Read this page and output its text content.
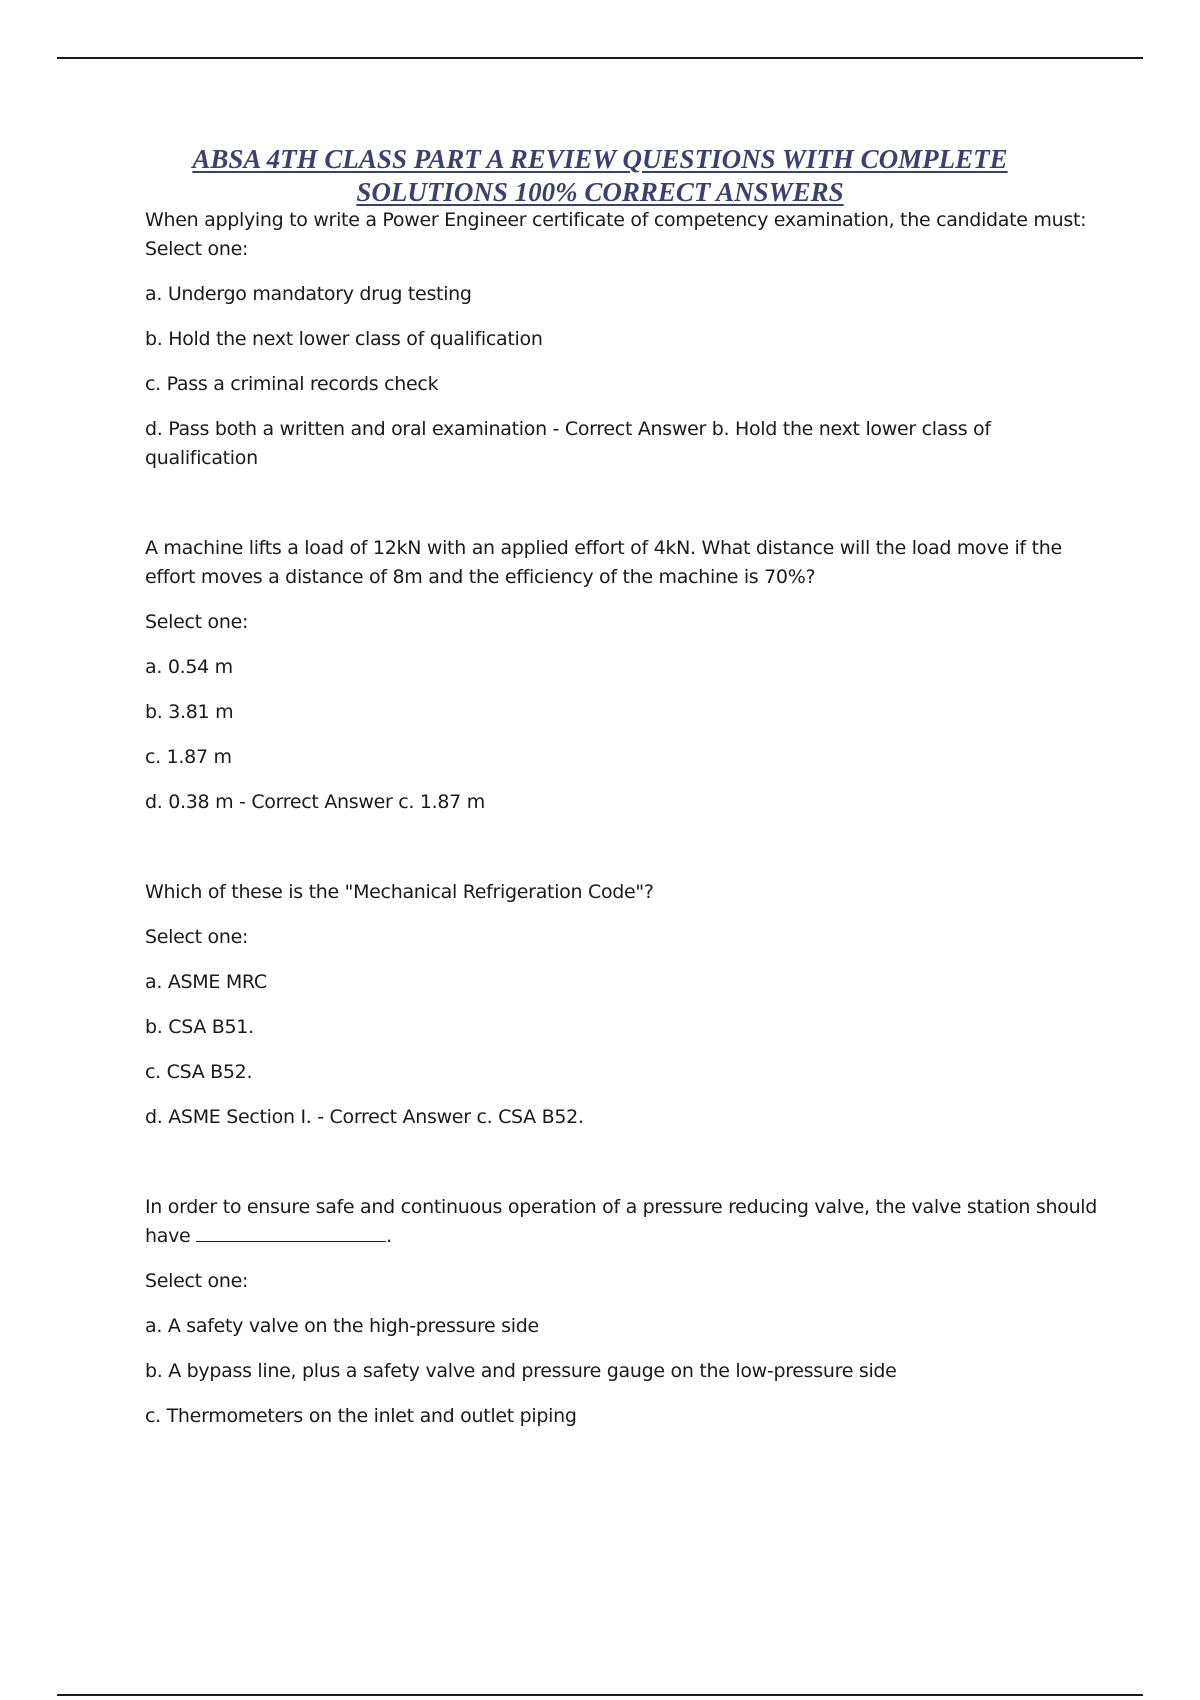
ABSA 4TH CLASS PART A REVIEW QUESTIONS WITH COMPLETE
SOLUTIONS 100% CORRECT ANSWERS

When applying to write a Power Engineer certificate of competency examination, the candidate must:

Select one:

a. Undergo mandatory drug testing

b. Hold the next lower class of qualification

c. Pass a criminal records check

d. Pass both a written and oral examination - Correct Answer b. Hold the next lower class of qualification

A machine lifts a load of 12kN with an applied effort of 4kN. What distance will the load move if the effort moves a distance of 8m and the efficiency of the machine is 70%?

Select one:

a. 0.54 m

b. 3.81 m

c. 1.87 m

d. 0.38 m - Correct Answer c. 1.87 m

Which of these is the "Mechanical Refrigeration Code"?

Select one:

a. ASME MRC

b. CSA B51.

c. CSA B52.

d. ASME Section I. - Correct Answer c. CSA B52.

In order to ensure safe and continuous operation of a pressure reducing valve, the valve station should have	.

Select one:

a. A safety valve on the high-pressure side

b. A bypass line, plus a safety valve and pressure gauge on the low-pressure side

c. Thermometers on the inlet and outlet piping
